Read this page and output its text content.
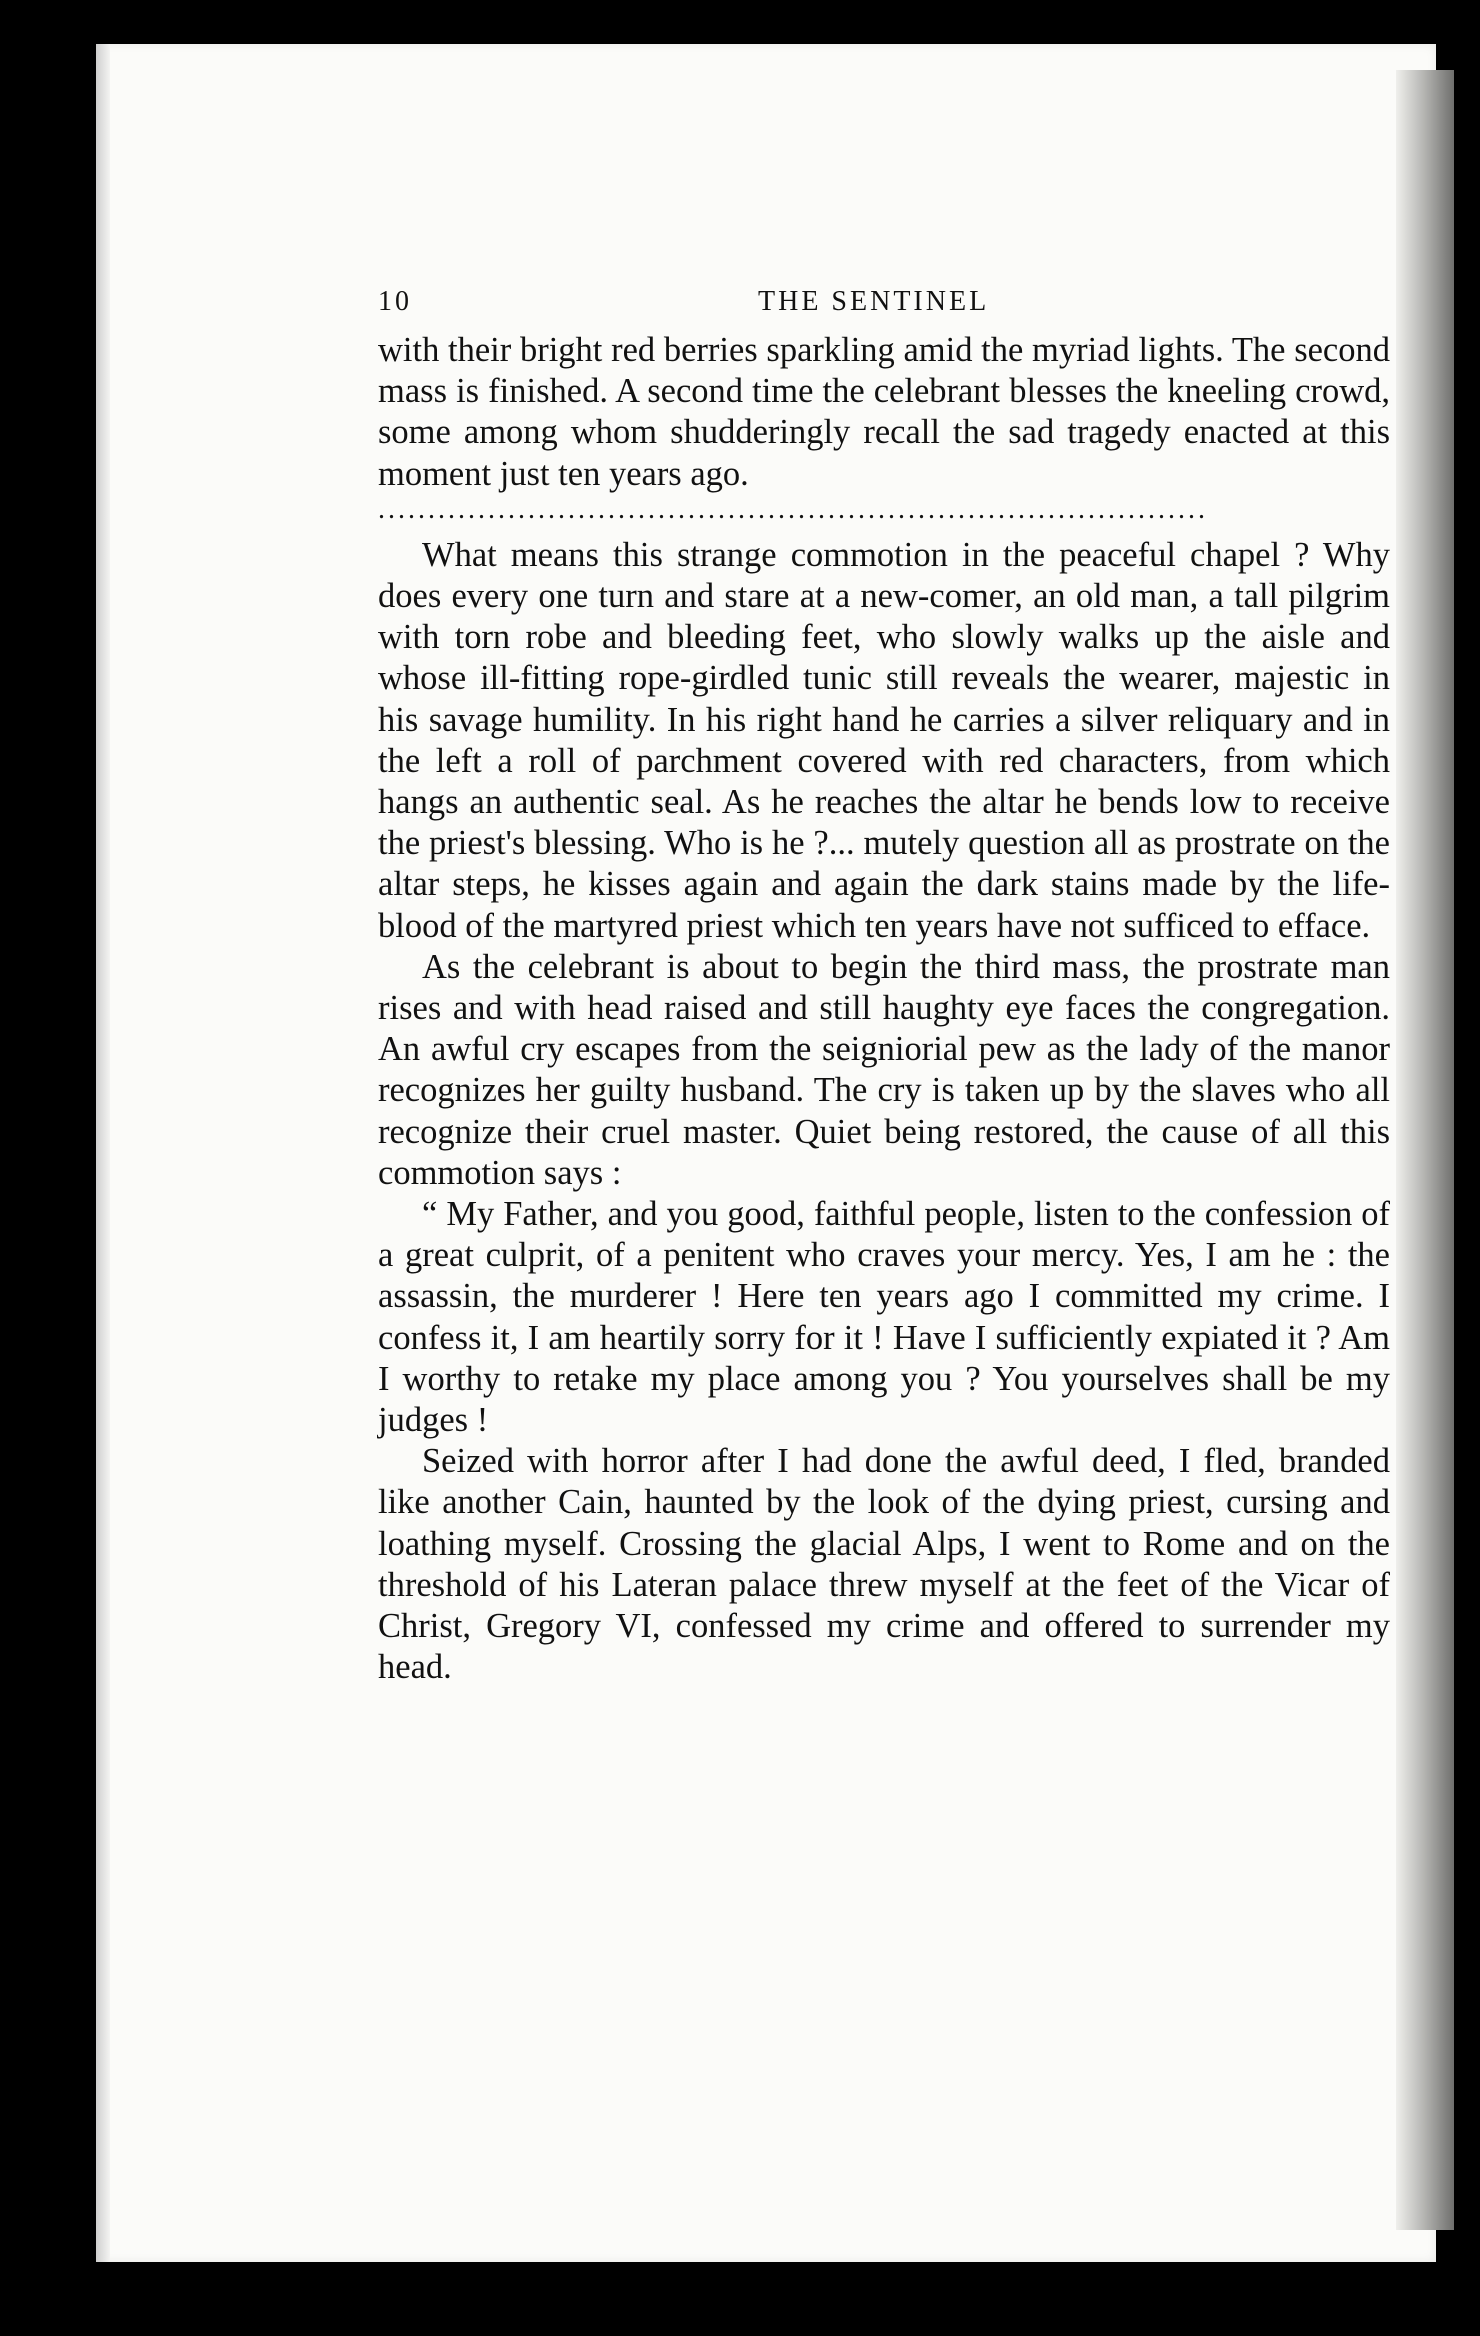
10	THE SENTINEL

with their bright red berries sparkling amid the myriad lights. The second mass is finished. A second time the celebrant blesses the kneeling crowd, some among whom shudderingly recall the sad tragedy enacted at this moment just ten years ago.

...................................................................................

What means this strange commotion in the peaceful chapel ? Why does every one turn and stare at a new-comer, an old man, a tall pilgrim with torn robe and bleeding feet, who slowly walks up the aisle and whose ill-fitting rope-girdled tunic still reveals the wearer, majestic in his savage humility. In his right hand he carries a silver reliquary and in the left a roll of parchment covered with red characters, from which hangs an authentic seal. As he reaches the altar he bends low to receive the priest's blessing. Who is he ?... mutely question all as prostrate on the altar steps, he kisses again and again the dark stains made by the life-blood of the martyred priest which ten years have not sufficed to efface.

As the celebrant is about to begin the third mass, the prostrate man rises and with head raised and still haughty eye faces the congregation. An awful cry escapes from the seigniorial pew as the lady of the manor recognizes her guilty husband. The cry is taken up by the slaves who all recognize their cruel master. Quiet being restored, the cause of all this commotion says :

“ My Father, and you good, faithful people, listen to the confession of a great culprit, of a penitent who craves your mercy. Yes, I am he : the assassin, the murderer ! Here ten years ago I committed my crime. I confess it, I am heartily sorry for it ! Have I sufficiently expiated it ? Am I worthy to retake my place among you ? You yourselves shall be my judges !

Seized with horror after I had done the awful deed, I fled, branded like another Cain, haunted by the look of the dying priest, cursing and loathing myself. Crossing the glacial Alps, I went to Rome and on the threshold of his Lateran palace threw myself at the feet of the Vicar of Christ, Gregory VI, confessed my crime and offered to surrender my head.
